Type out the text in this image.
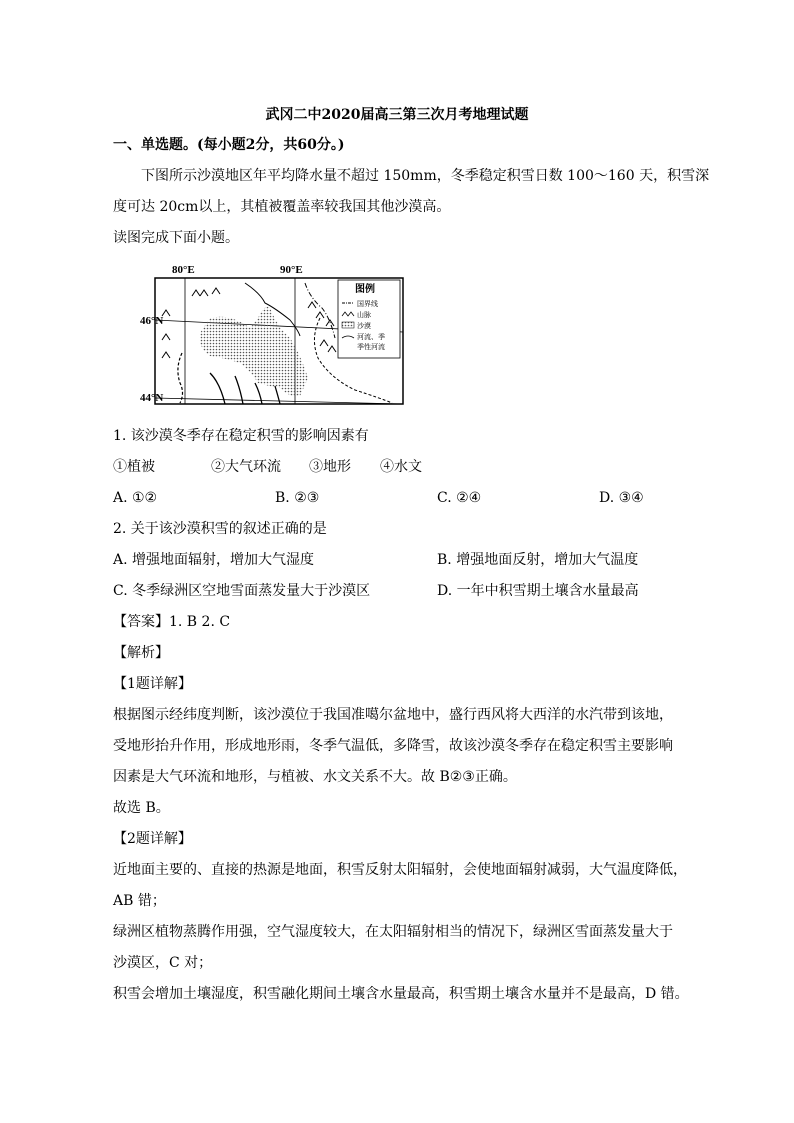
武冈二中2020届高三第三次月考地理试题
一、单选题。(每小题2分，共60分。)
下图所示沙漠地区年平均降水量不超过 150mm，冬季稳定积雪日数 100～160 天，积雪深
度可达 20cm以上，其植被覆盖率较我国其他沙漠高。
读图完成下面小题。
80°E	90°E
46°N
44°N
图例
国界线
山脉
沙漠
河流、季
季性河流
1. 该沙漠冬季存在稳定积雪的影响因素有
①植被	②大气环流 ③地形 ④水文
A. ①②	B. ②③	C. ②④	D. ③④
2. 关于该沙漠积雪的叙述正确的是
A. 增强地面辐射，增加大气湿度	B. 增强地面反射，增加大气温度
C. 冬季绿洲区空地雪面蒸发量大于沙漠区	D. 一年中积雪期土壤含水量最高
【答案】1. B 2. C
【解析】
【1题详解】
根据图示经纬度判断，该沙漠位于我国准噶尔盆地中，盛行西风将大西洋的水汽带到该地，
受地形抬升作用，形成地形雨，冬季气温低，多降雪，故该沙漠冬季存在稳定积雪主要影响
因素是大气环流和地形，与植被、水文关系不大。故 B②③正确。
故选 B。
【2题详解】
近地面主要的、直接的热源是地面，积雪反射太阳辐射，会使地面辐射减弱，大气温度降低，
AB 错；
绿洲区植物蒸腾作用强，空气湿度较大，在太阳辐射相当的情况下，绿洲区雪面蒸发量大于
沙漠区，C 对；
积雪会增加土壤湿度，积雪融化期间土壤含水量最高，积雪期土壤含水量并不是最高，D 错。
